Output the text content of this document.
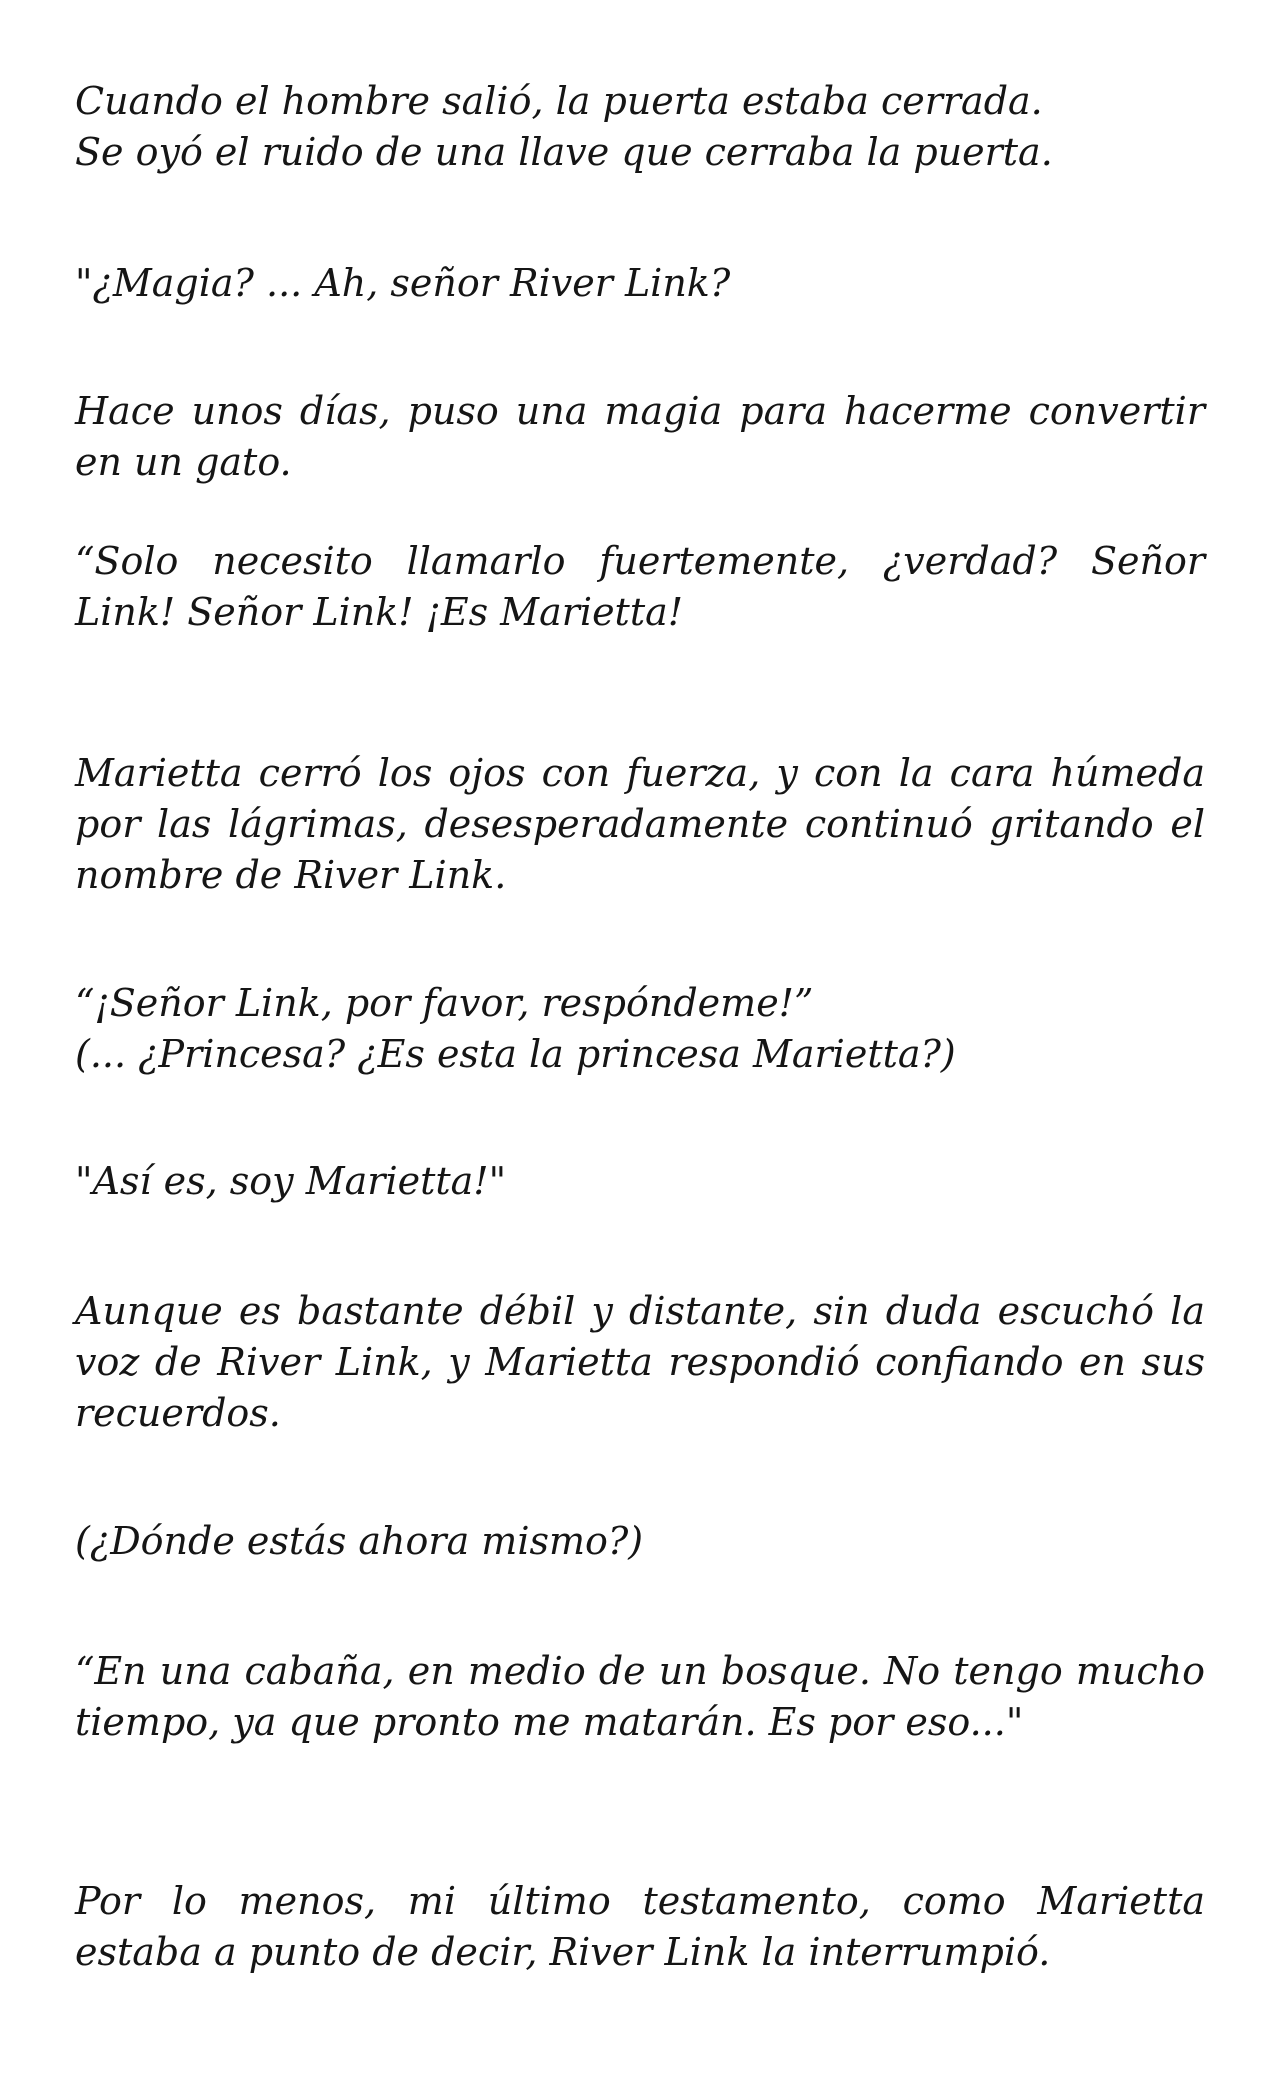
Cuando el hombre salió, la puerta estaba cerrada.
Se oyó el ruido de una llave que cerraba la puerta.

"¿Magia? ... Ah, señor River Link?

Hace unos días, puso una magia para hacerme convertir en un gato.

“Solo necesito llamarlo fuertemente, ¿verdad? Señor Link! Señor Link! ¡Es Marietta!

Marietta cerró los ojos con fuerza, y con la cara húmeda por las lágrimas, desesperadamente continuó gritando el nombre de River Link.

“¡Señor Link, por favor, respóndeme!”
(... ¿Princesa? ¿Es esta la princesa Marietta?)

"Así es, soy Marietta!"

Aunque es bastante débil y distante, sin duda escuchó la voz de River Link, y Marietta respondió confiando en sus recuerdos.

(¿Dónde estás ahora mismo?)

“En una cabaña, en medio de un bosque. No tengo mucho tiempo, ya que pronto me matarán. Es por eso..."

Por lo menos, mi último testamento, como Marietta estaba a punto de decir, River Link la interrumpió.
